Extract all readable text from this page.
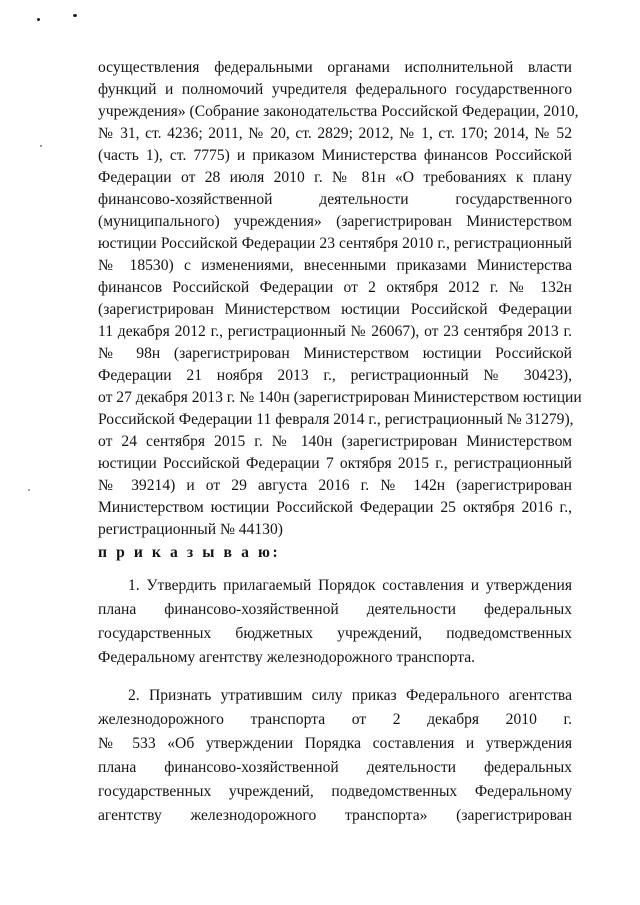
осуществления федеральными органами исполнительной власти
функций и полномочий учредителя федерального государственного
учреждения» (Собрание законодательства Российской Федерации, 2010,
№ 31, ст. 4236; 2011, № 20, ст. 2829; 2012, № 1, ст. 170; 2014, № 52
(часть 1), ст. 7775) и приказом Министерства финансов Российской
Федерации от 28 июля 2010 г. № 81н «О требованиях к плану
финансово-хозяйственной деятельности государственного
(муниципального) учреждения» (зарегистрирован Министерством
юстиции Российской Федерации 23 сентября 2010 г., регистрационный
№ 18530) с изменениями, внесенными приказами Министерства
финансов Российской Федерации от 2 октября 2012 г. № 132н
(зарегистрирован Министерством юстиции Российской Федерации
11 декабря 2012 г., регистрационный № 26067), от 23 сентября 2013 г.
№ 98н (зарегистрирован Министерством юстиции Российской
Федерации 21 ноября 2013 г., регистрационный № 30423),
от 27 декабря 2013 г. № 140н (зарегистрирован Министерством юстиции
Российской Федерации 11 февраля 2014 г., регистрационный № 31279),
от 24 сентября 2015 г. № 140н (зарегистрирован Министерством
юстиции Российской Федерации 7 октября 2015 г., регистрационный
№ 39214) и от 29 августа 2016 г. № 142н (зарегистрирован
Министерством юстиции Российской Федерации 25 октября 2016 г.,
регистрационный № 44130)
п р и к а з ы в а ю:
1. Утвердить прилагаемый Порядок составления и утверждения
плана финансово-хозяйственной деятельности федеральных
государственных бюджетных учреждений, подведомственных
Федеральному агентству железнодорожного транспорта.
2. Признать утратившим силу приказ Федерального агентства
железнодорожного транспорта от 2 декабря 2010 г.
№ 533 «Об утверждении Порядка составления и утверждения
плана финансово-хозяйственной деятельности федеральных
государственных учреждений, подведомственных Федеральному
агентству железнодорожного транспорта» (зарегистрирован
